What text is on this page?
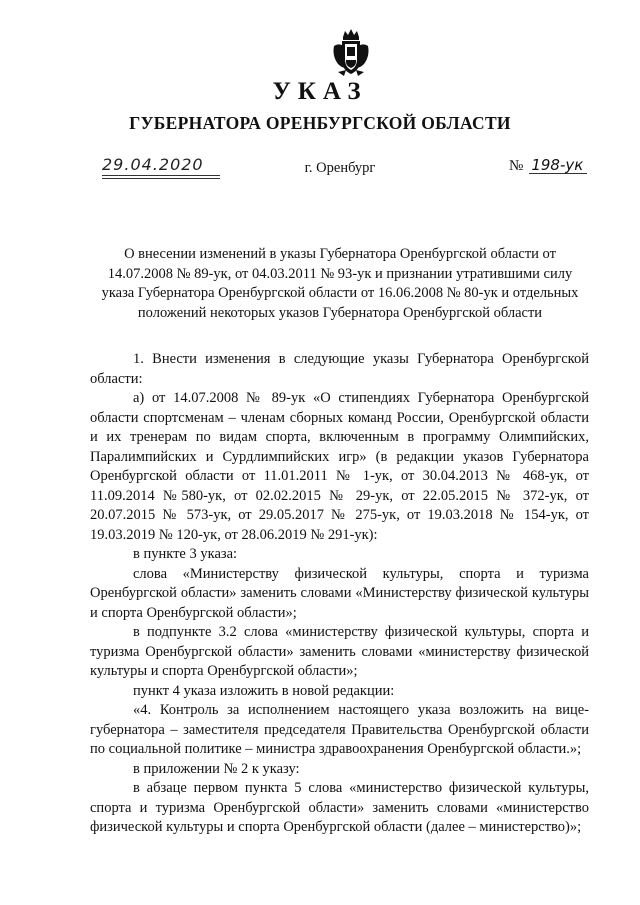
УКАЗ
ГУБЕРНАТОРА ОРЕНБУРГСКОЙ ОБЛАСТИ
29.04.2020	г. Оренбург	№ 198-ук
О внесении изменений в указы Губернатора Оренбургской области от
14.07.2008 № 89-ук, от 04.03.2011 № 93-ук и признании утратившими силу
указа Губернатора Оренбургской области от 16.06.2008 № 80-ук и отдельных
положений некоторых указов Губернатора Оренбургской области

1. Внести изменения в следующие указы Губернатора Оренбургской области:

а) от 14.07.2008 № 89-ук «О стипендиях Губернатора Оренбургской области спортсменам – членам сборных команд России, Оренбургской области и их тренерам по видам спорта, включенным в программу Олимпийских, Паралимпийских и Сурдлимпийских игр» (в редакции указов Губернатора Оренбургской области от 11.01.2011 № 1-ук, от 30.04.2013 № 468-ук, от 11.09.2014 №580-ук, от 02.02.2015 № 29-ук, от 22.05.2015 № 372-ук, от 20.07.2015 № 573-ук, от 29.05.2017 № 275-ук, от 19.03.2018 № 154-ук, от 19.03.2019 № 120-ук, от 28.06.2019 № 291-ук):

в пункте 3 указа:

слова «Министерству физической культуры, спорта и туризма Оренбургской области» заменить словами «Министерству физической культуры и спорта Оренбургской области»;

в подпункте 3.2 слова «министерству физической культуры, спорта и туризма Оренбургской области» заменить словами «министерству физической культуры и спорта Оренбургской области»;

пункт 4 указа изложить в новой редакции:

«4. Контроль за исполнением настоящего указа возложить на вице-губернатора – заместителя председателя Правительства Оренбургской области по социальной политике – министра здравоохранения Оренбургской области.»;

в приложении № 2 к указу:

в абзаце первом пункта 5 слова «министерство физической культуры, спорта и туризма Оренбургской области» заменить словами «министерство физической культуры и спорта Оренбургской области (далее – министерство)»;
